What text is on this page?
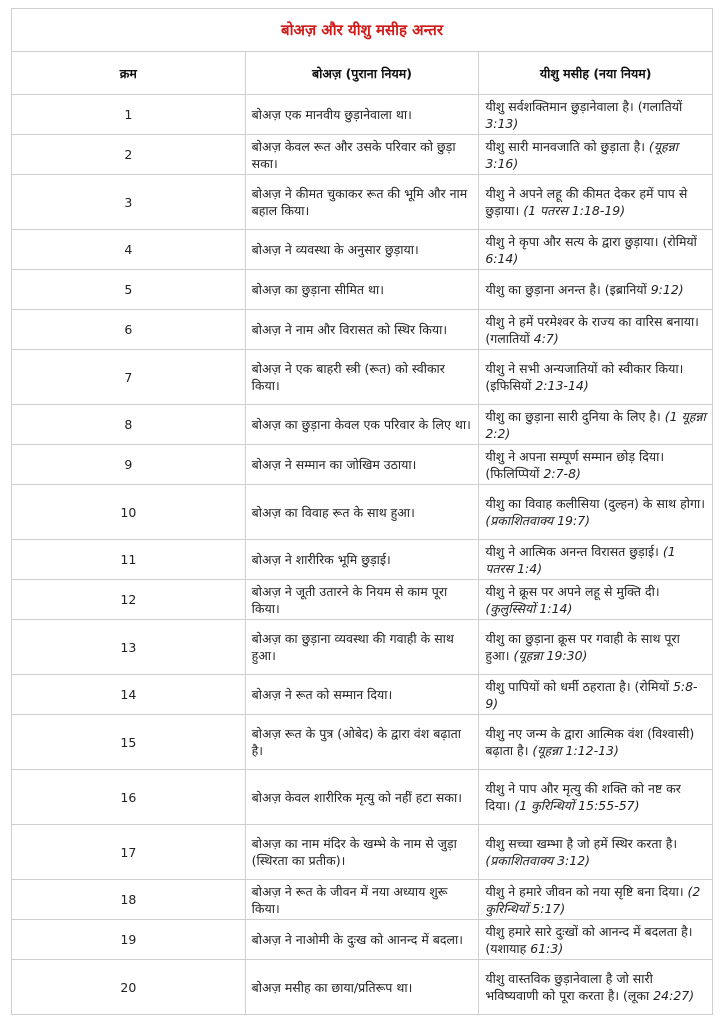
बोअज़ और यीशु मसीह अन्तर		
क्रम	बोअज़ (पुराना नियम)	यीशु मसीह (नया नियम)
1	बोअज़ एक मानवीय छुड़ानेवाला था।	यीशु सर्वशक्तिमान छुड़ानेवाला है। (गलातियों 3:13)
2	बोअज़ केवल रूत और उसके परिवार को छुड़ा सका।	यीशु सारी मानवजाति को छुड़ाता है। (यूहन्ना 3:16)
3	बोअज़ ने कीमत चुकाकर रूत की भूमि और नाम बहाल किया।	यीशु ने अपने लहू की कीमत देकर हमें पाप से छुड़ाया। (1 पतरस 1:18-19)
4	बोअज़ ने व्यवस्था के अनुसार छुड़ाया।	यीशु ने कृपा और सत्य के द्वारा छुड़ाया। (रोमियों 6:14)
5	बोअज़ का छुड़ाना सीमित था।	यीशु का छुड़ाना अनन्त है। (इब्रानियों 9:12)
6	बोअज़ ने नाम और विरासत को स्थिर किया।	यीशु ने हमें परमेश्वर के राज्य का वारिस बनाया। (गलातियों 4:7)
7	बोअज़ ने एक बाहरी स्त्री (रूत) को स्वीकार किया।	यीशु ने सभी अन्यजातियों को स्वीकार किया। (इफिसियों 2:13-14)
8	बोअज़ का छुड़ाना केवल एक परिवार के लिए था।	यीशु का छुड़ाना सारी दुनिया के लिए है। (1 यूहन्ना 2:2)
9	बोअज़ ने सम्मान का जोखिम उठाया।	यीशु ने अपना सम्पूर्ण सम्मान छोड़ दिया। (फिलिप्पियों 2:7-8)
10	बोअज़ का विवाह रूत के साथ हुआ।	यीशु का विवाह कलीसिया (दुल्हन) के साथ होगा। (प्रकाशितवाक्य 19:7)
11	बोअज़ ने शारीरिक भूमि छुड़ाई।	यीशु ने आत्मिक अनन्त विरासत छुड़ाई। (1 पतरस 1:4)
12	बोअज़ ने जूती उतारने के नियम से काम पूरा किया।	यीशु ने क्रूस पर अपने लहू से मुक्ति दी। (कुलुस्सियों 1:14)
13	बोअज़ का छुड़ाना व्यवस्था की गवाही के साथ हुआ।	यीशु का छुड़ाना क्रूस पर गवाही के साथ पूरा हुआ। (यूहन्ना 19:30)
14	बोअज़ ने रूत को सम्मान दिया।	यीशु पापियों को धर्मी ठहराता है। (रोमियों 5:8-9)
15	बोअज़ रूत के पुत्र (ओबेद) के द्वारा वंश बढ़ाता है।	यीशु नए जन्म के द्वारा आत्मिक वंश (विश्वासी) बढ़ाता है। (यूहन्ना 1:12-13)
16	बोअज़ केवल शारीरिक मृत्यु को नहीं हटा सका।	यीशु ने पाप और मृत्यु की शक्ति को नष्ट कर दिया। (1 कुरिन्थियों 15:55-57)
17	बोअज़ का नाम मंदिर के खम्भे के नाम से जुड़ा (स्थिरता का प्रतीक)।	यीशु सच्चा खम्भा है जो हमें स्थिर करता है। (प्रकाशितवाक्य 3:12)
18	बोअज़ ने रूत के जीवन में नया अध्याय शुरू किया।	यीशु ने हमारे जीवन को नया सृष्टि बना दिया। (2 कुरिन्थियों 5:17)
19	बोअज़ ने नाओमी के दुःख को आनन्द में बदला।	यीशु हमारे सारे दुःखों को आनन्द में बदलता है। (यशायाह 61:3)
20	बोअज़ मसीह का छाया/प्रतिरूप था।	यीशु वास्तविक छुड़ानेवाला है जो सारी भविष्यवाणी को पूरा करता है। (लूका 24:27)
